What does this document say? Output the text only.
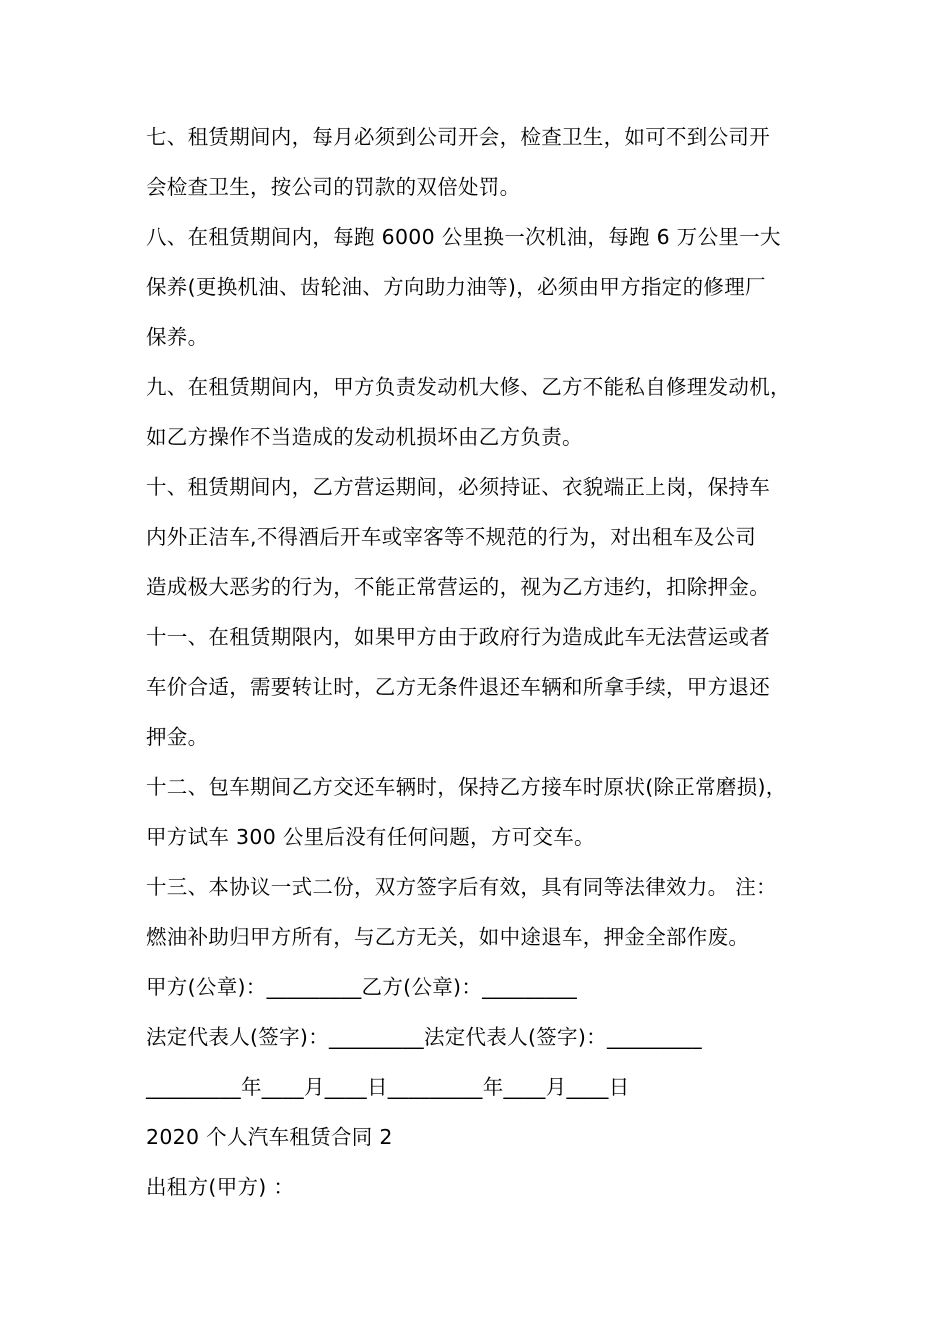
七、租赁期间内，每月必须到公司开会，检查卫生，如可不到公司开
会检查卫生，按公司的罚款的双倍处罚。

八、在租赁期间内，每跑 6000 公里换一次机油，每跑 6 万公里一大
保养(更换机油、齿轮油、方向助力油等)，必须由甲方指定的修理厂
保养。

九、在租赁期间内，甲方负责发动机大修、乙方不能私自修理发动机，
如乙方操作不当造成的发动机损坏由乙方负责。

十、租赁期间内，乙方营运期间，必须持证、衣貌端正上岗，保持车
内外正洁车,不得酒后开车或宰客等不规范的行为，对出租车及公司
造成极大恶劣的行为，不能正常营运的，视为乙方违约，扣除押金。

十一、在租赁期限内，如果甲方由于政府行为造成此车无法营运或者
车价合适，需要转让时，乙方无条件退还车辆和所拿手续，甲方退还
押金。

十二、包车期间乙方交还车辆时，保持乙方接车时原状(除正常磨损)，
甲方试车 300 公里后没有任何问题，方可交车。

十三、本协议一式二份，双方签字后有效，具有同等法律效力。 注：
燃油补助归甲方所有，与乙方无关，如中途退车，押金全部作废。

甲方(公章)：_________乙方(公章)：_________

法定代表人(签字)：_________法定代表人(签字)：_________

_________年____月____日_________年____月____日

2020 个人汽车租赁合同 2

出租方(甲方) ：
